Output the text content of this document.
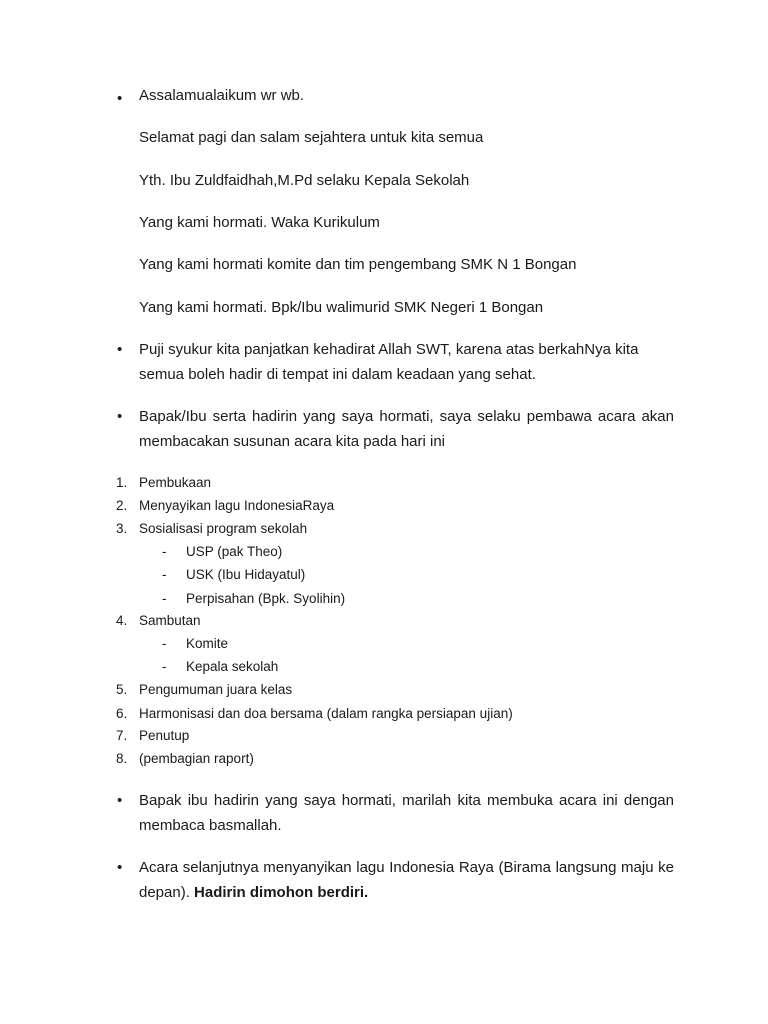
• Assalamualaikum wr wb.
Selamat pagi dan salam sejahtera untuk kita semua
Yth. Ibu Zuldfaidhah,M.Pd selaku Kepala Sekolah
Yang kami hormati. Waka Kurikulum
Yang kami hormati komite dan tim pengembang SMK N 1 Bongan
Yang kami hormati. Bpk/Ibu walimurid SMK Negeri 1 Bongan
• Puji syukur kita panjatkan kehadirat Allah SWT, karena atas berkahNya kita semua boleh hadir di tempat ini dalam keadaan yang sehat.

• Bapak/Ibu serta hadirin yang saya hormati, saya selaku pembawa acara akan membacakan susunan acara kita pada hari ini

1. Pembukaan
2. Menyayikan lagu IndonesiaRaya
3. Sosialisasi program sekolah
- USP (pak Theo)
- USK (Ibu Hidayatul)
- Perpisahan (Bpk. Syolihin)
4. Sambutan
- Komite
- Kepala sekolah
5. Pengumuman juara kelas
6. Harmonisasi dan doa bersama (dalam rangka persiapan ujian)
7. Penutup
8. (pembagian raport)
• Bapak ibu hadirin yang saya hormati, marilah kita membuka acara ini dengan membaca basmallah.

• Acara selanjutnya menyanyikan lagu Indonesia Raya (Birama langsung maju ke depan). Hadirin dimohon berdiri.
